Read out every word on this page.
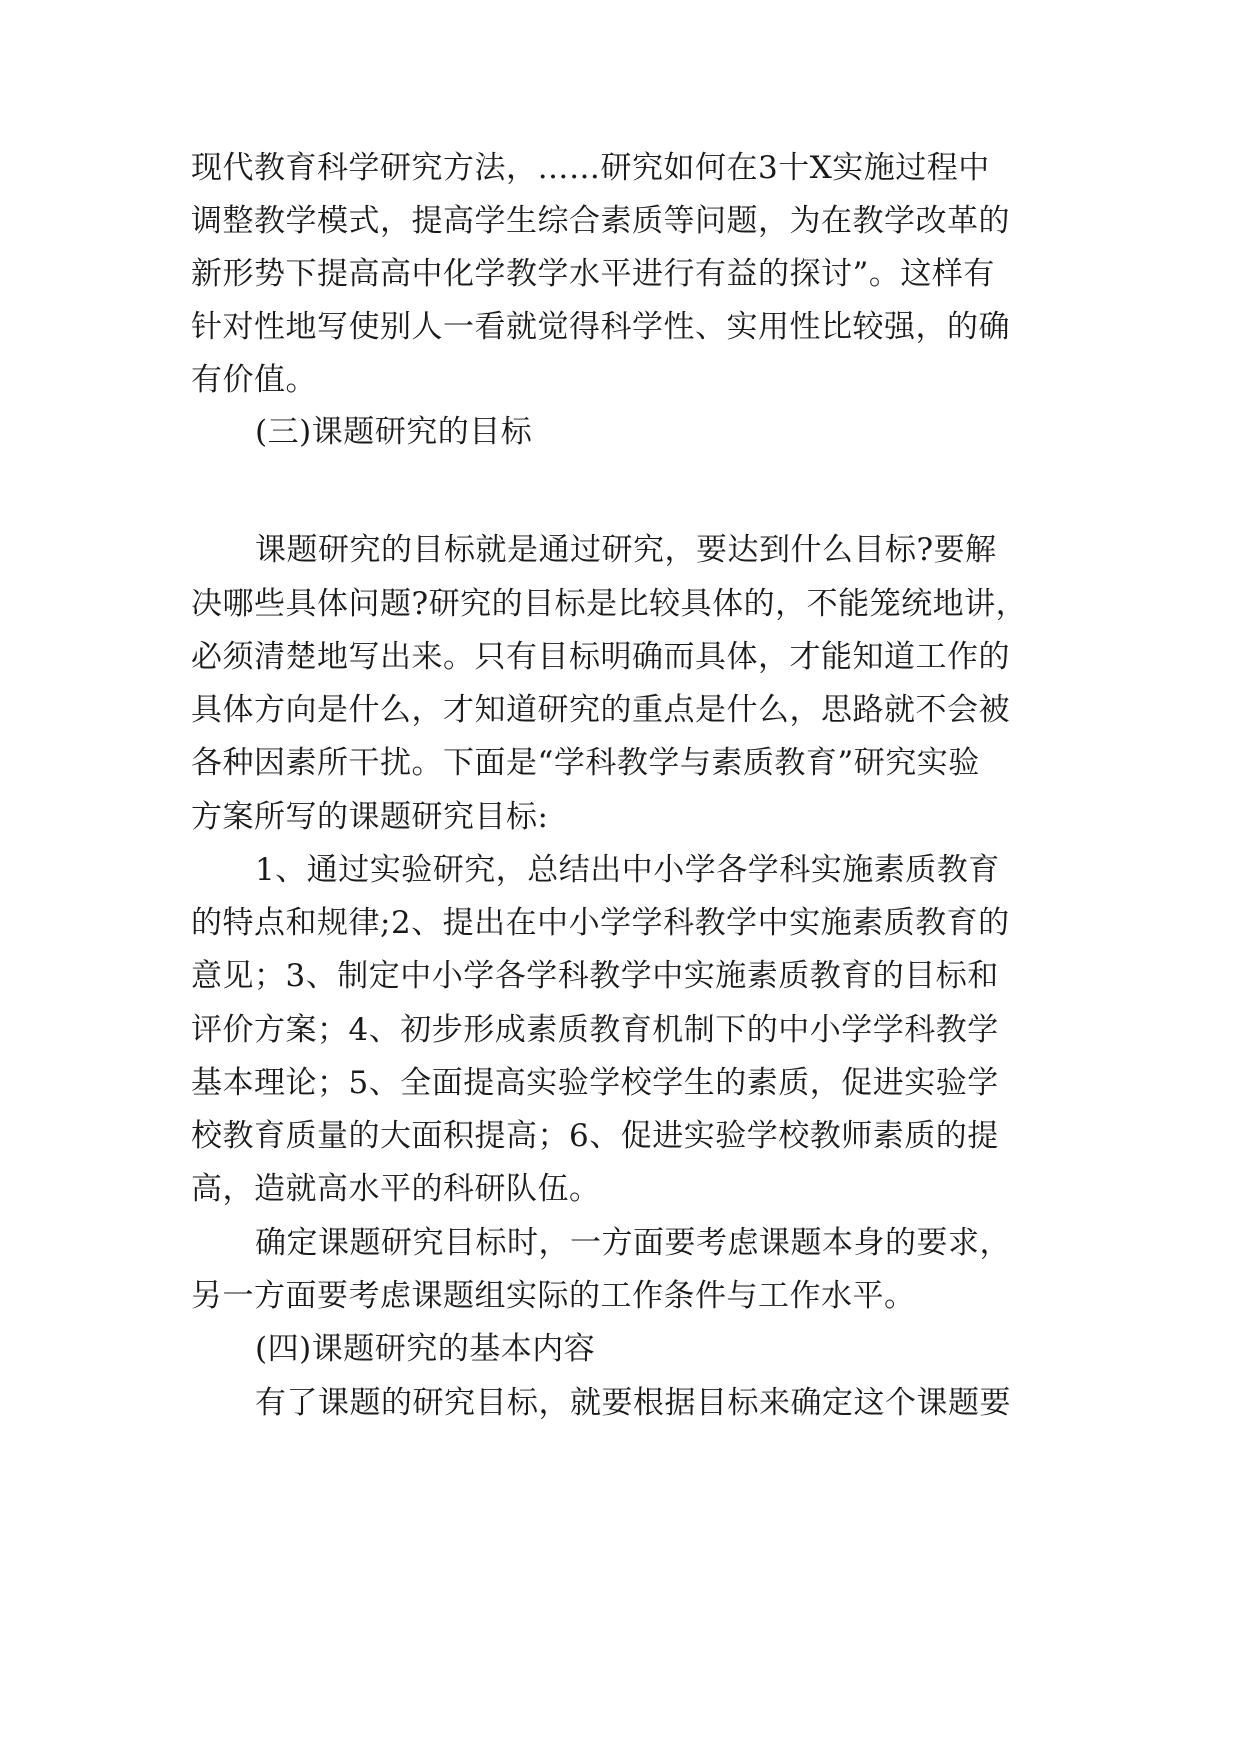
现代教育科学研究方法，……研究如何在3十X实施过程中
调整教学模式，提高学生综合素质等问题，为在教学改革的
新形势下提高高中化学教学水平进行有益的探讨”。这样有
针对性地写使别人一看就觉得科学性、实用性比较强，的确
有价值。
(三)课题研究的目标
课题研究的目标就是通过研究，要达到什么目标?要解
决哪些具体问题?研究的目标是比较具体的，不能笼统地讲，
必须清楚地写出来。只有目标明确而具体，才能知道工作的
具体方向是什么，才知道研究的重点是什么，思路就不会被
各种因素所干扰。下面是“学科教学与素质教育”研究实验
方案所写的课题研究目标:
1、通过实验研究，总结出中小学各学科实施素质教育
的特点和规律;2、提出在中小学学科教学中实施素质教育的
意见；3、制定中小学各学科教学中实施素质教育的目标和
评价方案；4、初步形成素质教育机制下的中小学学科教学
基本理论；5、全面提高实验学校学生的素质，促进实验学
校教育质量的大面积提高；6、促进实验学校教师素质的提
高，造就高水平的科研队伍。
确定课题研究目标时，一方面要考虑课题本身的要求，
另一方面要考虑课题组实际的工作条件与工作水平。
(四)课题研究的基本内容
有了课题的研究目标，就要根据目标来确定这个课题要
